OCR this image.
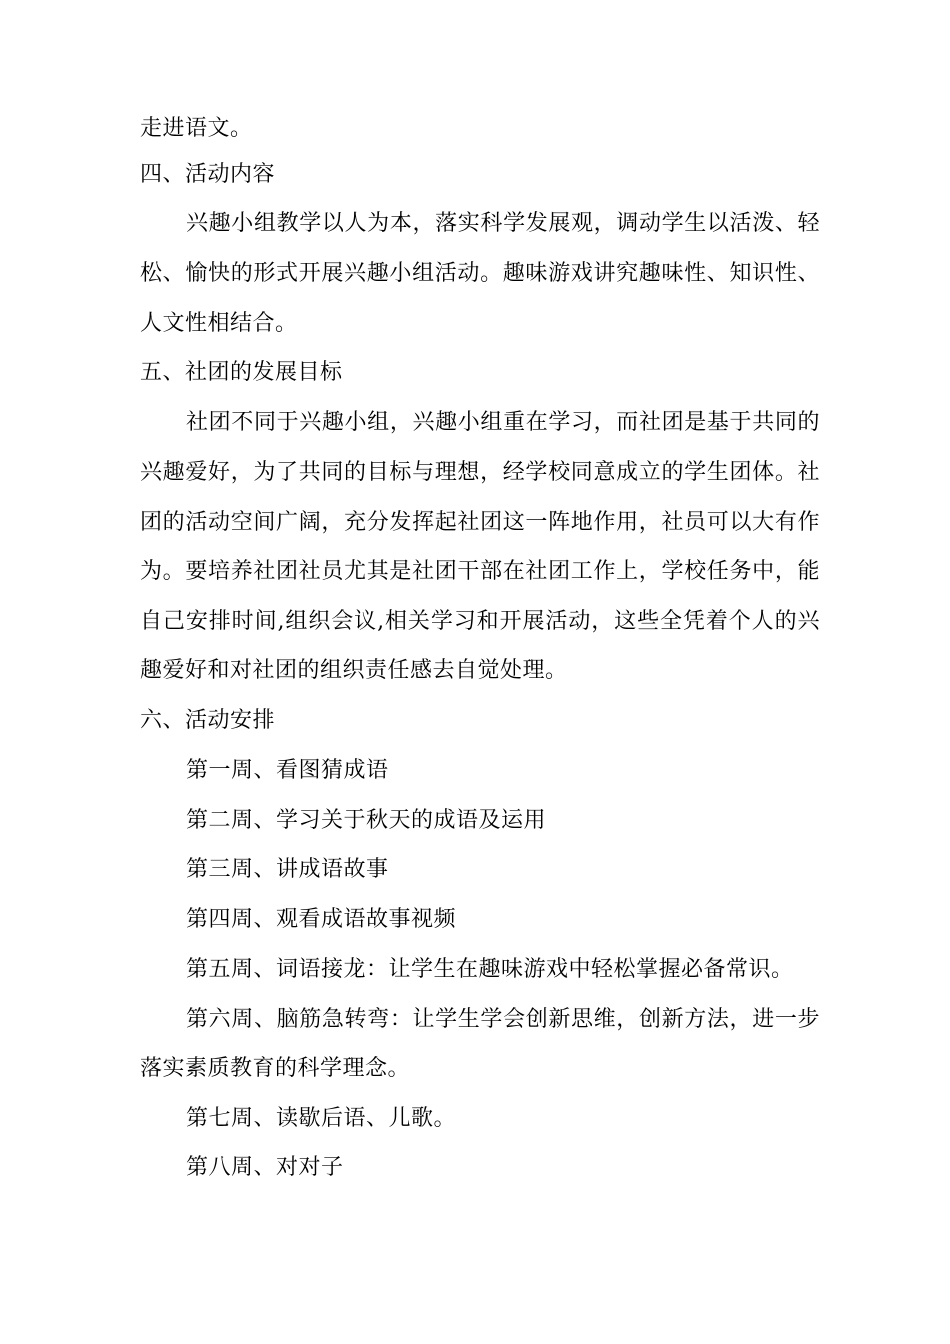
走进语文。
四、活动内容
兴趣小组教学以人为本，落实科学发展观，调动学生以活泼、轻
松、愉快的形式开展兴趣小组活动。趣味游戏讲究趣味性、知识性、
人文性相结合。
五、社团的发展目标
社团不同于兴趣小组，兴趣小组重在学习，而社团是基于共同的
兴趣爱好，为了共同的目标与理想，经学校同意成立的学生团体。社
团的活动空间广阔，充分发挥起社团这一阵地作用，社员可以大有作
为。要培养社团社员尤其是社团干部在社团工作上，学校任务中，能
自己安排时间,组织会议,相关学习和开展活动，这些全凭着个人的兴
趣爱好和对社团的组织责任感去自觉处理。
六、活动安排
第一周、看图猜成语
第二周、学习关于秋天的成语及运用
第三周、讲成语故事
第四周、观看成语故事视频
第五周、词语接龙：让学生在趣味游戏中轻松掌握必备常识。
第六周、脑筋急转弯：让学生学会创新思维，创新方法，进一步
落实素质教育的科学理念。
第七周、读歇后语、儿歌。
第八周、对对子
